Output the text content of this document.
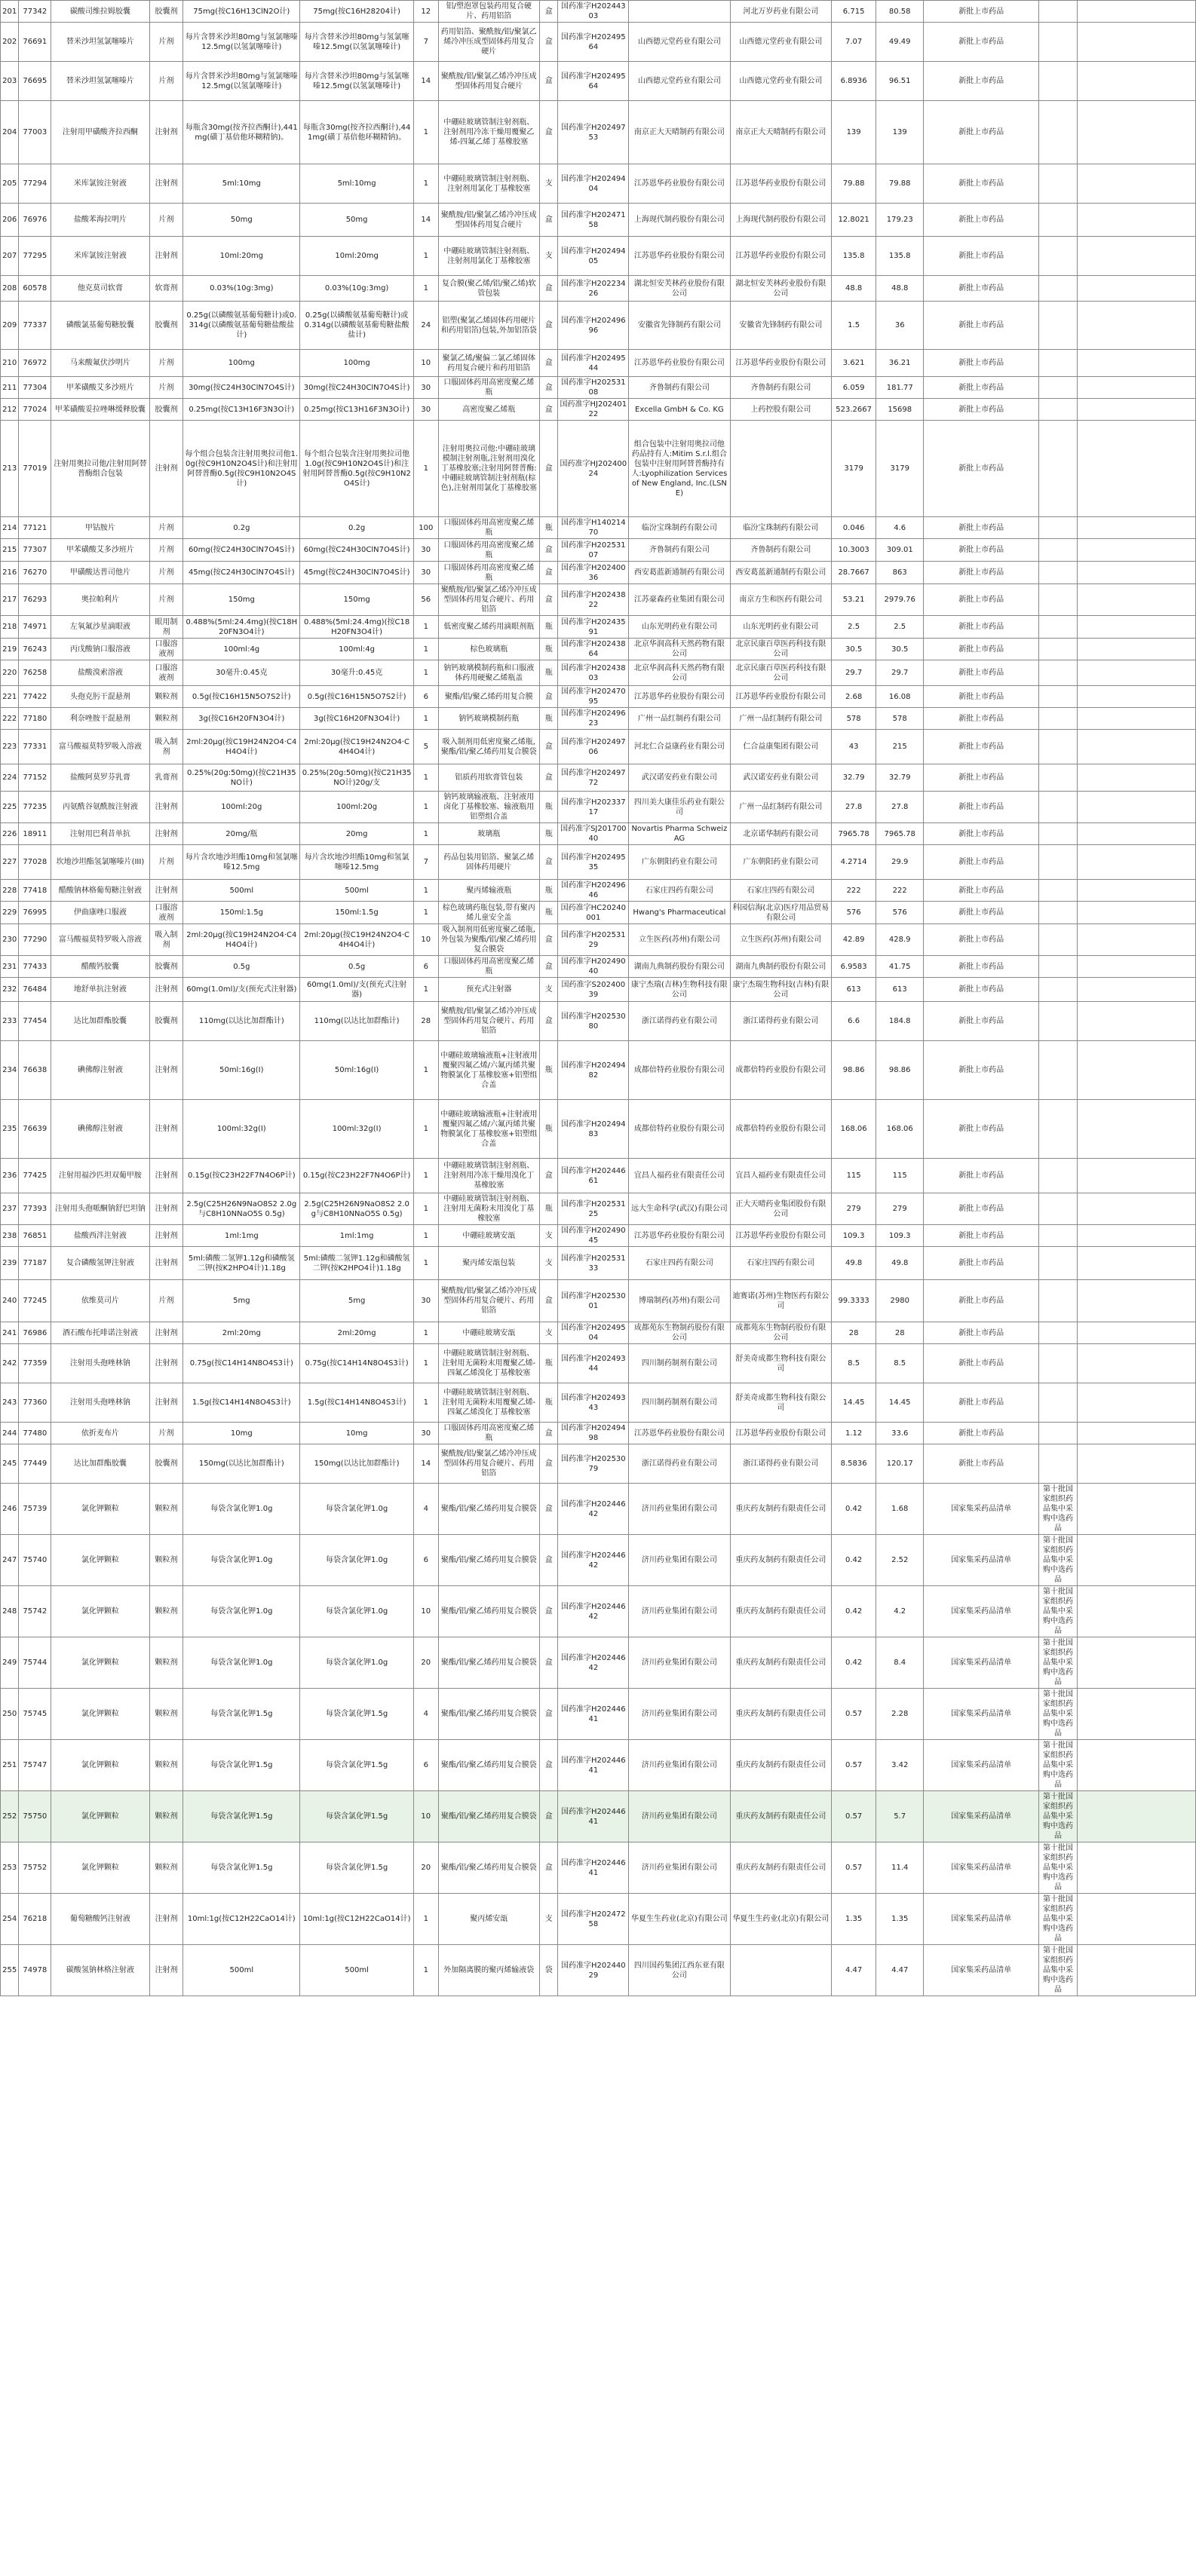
201	77342	碳酸司维拉姆胶囊	胶囊剂	75mg(按C16H13ClN2O计)	75mg(按C16H28204计)	12	铝/塑泡罩包装药用复合硬片、药用铝箔	盒	国药准字H20244303		河北万岁药业有限公司	6.715	80.58	新批上市药品		
202	76691	替米沙坦氢氯噻嗪片	片剂	每片含替米沙坦80mg与氢氯噻嗪12.5mg(以氢氯噻嗪计)	每片含替米沙坦80mg与氢氯噻嗪12.5mg(以氢氯噻嗪计)	7	药用铝箔、聚酰胺/铝/聚氯乙烯冷冲压成型固体药用复合硬片	盒	国药准字H20249564	山西德元堂药业有限公司	山西德元堂药业有限公司	7.07	49.49	新批上市药品		
203	76695	替米沙坦氢氯噻嗪片	片剂	每片含替米沙坦80mg与氢氯噻嗪12.5mg(以氢氯噻嗪计)	每片含替米沙坦80mg与氢氯噻嗪12.5mg(以氢氯噻嗪计)	14	聚酰胺/铝/聚氯乙烯冷冲压成型固体药用复合硬片	盒	国药准字H20249564	山西德元堂药业有限公司	山西德元堂药业有限公司	6.8936	96.51	新批上市药品		
204	77003	注射用甲磺酸齐拉西酮	注射剂	每瓶含30mg(按齐拉西酮计),441mg(磺丁基倍他环糊精钠)。	每瓶含30mg(按齐拉西酮计),441mg(磺丁基倍他环糊精钠)。	1	中硼硅玻璃管制注射剂瓶、注射剂用冷冻干燥用覆聚乙烯-四氟乙烯丁基橡胶塞	盒	国药准字H20249753	南京正大天晴制药有限公司	南京正大天晴制药有限公司	139	139	新批上市药品		
205	77294	米库氯铵注射液	注射剂	5ml:10mg	5ml:10mg	1	中硼硅玻璃管制注射剂瓶、注射剂用氯化丁基橡胶塞	支	国药准字H20249404	江苏恩华药业股份有限公司	江苏恩华药业股份有限公司	79.88	79.88	新批上市药品		
206	76976	盐酸苯海拉明片	片剂	50mg	50mg	14	聚酰胺/铝/聚氯乙烯冷冲压成型固体药用复合硬片	盒	国药准字H20247158	上海现代制药股份有限公司	上海现代制药股份有限公司	12.8021	179.23	新批上市药品		
207	77295	米库氯铵注射液	注射剂	10ml:20mg	10ml:20mg	1	中硼硅玻璃管制注射剂瓶、注射剂用氯化丁基橡胶塞	支	国药准字H20249405	江苏恩华药业股份有限公司	江苏恩华药业股份有限公司	135.8	135.8	新批上市药品		
208	60578	他克莫司软膏	软膏剂	0.03%(10g:3mg)	0.03%(10g:3mg)	1	复合膜(聚乙烯/铝/聚乙烯)软管包装	盒	国药准字H20223426	湖北恒安芙林药业股份有限公司	湖北恒安芙林药业股份有限公司	48.8	48.8	新批上市药品		
209	77337	磷酸氯基葡萄糖胶囊	胶囊剂	0.25g(以磷酸氨基葡萄糖计)或0.314g(以磷酸氨基葡萄糖盐酸盐计)	0.25g(以磷酸氨基葡萄糖计)或0.314g(以磷酸氨基葡萄糖盐酸盐计)	24	铝塑(聚氯乙烯固体药用硬片和药用铝箔)包装,外加铝箔袋	盒	国药准字H20249696	安徽省先锋制药有限公司	安徽省先锋制药有限公司	1.5	36	新批上市药品		
210	76972	马来酸氟伏沙明片	片剂	100mg	100mg	10	聚氯乙烯/聚偏二氯乙烯固体药用复合硬片和药用铝箔	盒	国药准字H20249544	江苏恩华药业股份有限公司	江苏恩华药业股份有限公司	3.621	36.21	新批上市药品		
211	77304	甲苯磺酸艾多沙班片	片剂	30mg(按C24H30ClN7O4S计)	30mg(按C24H30ClN7O4S计)	30	口服固体药用高密度聚乙烯瓶	盒	国药准字H20253108	齐鲁制药有限公司	齐鲁制药有限公司	6.059	181.77	新批上市药品		
212	77024	甲苯磺酸妥拉唑啉缓释胶囊	胶囊剂	0.25mg(按C13H16F3N3O计)	0.25mg(按C13H16F3N3O计)	30	高密度聚乙烯瓶	盒	国药准字HJ20240122	Excella GmbH & Co. KG	上药控股有限公司	523.2667	15698	新批上市药品		
213	77019	注射用奥拉司他/注射用阿替普酶组合包装	注射剂	每个组合包装含注射用奥拉司他1.0g(按C9H10N2O4S计)和注射用阿替普酶0.5g(按C9H10N2O4S计)	每个组合包装含注射用奥拉司他1.0g(按C9H10N2O4S计)和注射用阿替普酶0.5g(按C9H10N2O4S计)	1	注射用奥拉司他:中硼硅玻璃模制注射剂瓶,注射剂用溴化丁基橡胶塞;注射用阿替普酶:中硼硅玻璃管制注射剂瓶(棕色),注射剂用氯化丁基橡胶塞	盒	国药准字HJ20240024	组合包装中注射用奥拉司他药品持有人:Mitim S.r.l.组合包装中注射用阿替普酶持有人:Lyophilization Services of New England, Inc.(LSNE)		3179	3179	新批上市药品		
214	77121	甲钴胺片	片剂	0.2g	0.2g	100	口服固体药用高密度聚乙烯瓶	瓶	国药准字H14021470	临汾宝珠制药有限公司	临汾宝珠制药有限公司	0.046	4.6	新批上市药品		
215	77307	甲苯磺酸艾多沙班片	片剂	60mg(按C24H30ClN7O4S计)	60mg(按C24H30ClN7O4S计)	30	口服固体药用高密度聚乙烯瓶	盒	国药准字H20253107	齐鲁制药有限公司	齐鲁制药有限公司	10.3003	309.01	新批上市药品		
216	76270	甲磺酸达普司他片	片剂	45mg(按C24H30ClN7O4S计)	45mg(按C24H30ClN7O4S计)	30	口服固体药用高密度聚乙烯瓶	盒	国药准字H20240036	西安葛蓝新通制药有限公司	西安葛蓝新通制药有限公司	28.7667	863	新批上市药品		
217	76293	奥拉帕利片	片剂	150mg	150mg	56	聚酰胺/铝/聚氯乙烯冷冲压成型固体药用复合硬片、药用铝箔	盒	国药准字H20243822	江苏豪森药业集团有限公司	南京方生和医药有限公司	53.21	2979.76	新批上市药品		
218	74971	左氧氟沙星滴眼液	眼用制剂	0.488%(5ml:24.4mg)(按C18H20FN3O4计)	0.488%(5ml:24.4mg)(按C18H20FN3O4计)	1	低密度聚乙烯药用滴眼剂瓶	瓶	国药准字H20243591	山东光明药业有限公司	山东光明药业有限公司	2.5	2.5	新批上市药品		
219	76243	丙戊酸钠口服溶液	口服溶液剂	100ml:4g	100ml:4g	1	棕色玻璃瓶	瓶	国药准字H20243864	北京华润高科天然药物有限公司	北京民康百草医药科技有限公司	30.5	30.5	新批上市药品		
220	76258	盐酸溴索溶液	口服溶液剂	30毫升:0.45克	30毫升:0.45克	1	钠钙玻璃模制药瓶和口服液体药用硬聚乙烯瓶盖	瓶	国药准字H20243803	北京华润高科天然药物有限公司	北京民康百草医药科技有限公司	29.7	29.7	新批上市药品		
221	77422	头孢克肟干混悬剂	颗粒剂	0.5g(按C16H15N5O7S2计)	0.5g(按C16H15N5O7S2计)	6	聚酯/铝/聚乙烯药用复合膜	盒	国药准字H20247095	江苏恩华药业股份有限公司	江苏恩华药业股份有限公司	2.68	16.08	新批上市药品		
222	77180	利奈唑胺干混悬剂	颗粒剂	3g(按C16H20FN3O4计)	3g(按C16H20FN3O4计)	1	钠钙玻璃模制药瓶	瓶	国药准字H20249623	广州一品红制药有限公司	广州一品红制药有限公司	578	578	新批上市药品		
223	77331	富马酸福莫特罗吸入溶液	吸入制剂	2ml:20μg(按C19H24N2O4·C4H4O4计)	2ml:20μg(按C19H24N2O4·C4H4O4计)	5	吸入制剂用低密度聚乙烯瓶,聚酯/铝/聚乙烯药用复合膜袋	盒	国药准字H20249706	河北仁合益康药业有限公司	仁合益康集团有限公司	43	215	新批上市药品		
224	77152	盐酸阿莫罗芬乳膏	乳膏剂	0.25%(20g:50mg)(按C21H35NO计)	0.25%(20g:50mg)(按C21H35NO计)20g/支	1	铝质药用软膏管包装	盒	国药准字H20249772	武汉诺安药业有限公司	武汉诺安药业有限公司	32.79	32.79	新批上市药品		
225	77235	丙氨酰谷氨酰胺注射液	注射剂	100ml:20g	100ml:20g	1	钠钙玻璃输液瓶、注射液用卤化丁基橡胶塞、输液瓶用铝塑组合盖	瓶	国药准字H20233717	四川美大康佳乐药业有限公司	广州一品红制药有限公司	27.8	27.8	新批上市药品		
226	18911	注射用巴利昔单抗	注射剂	20mg/瓶	20mg	1	玻璃瓶	瓶	国药准字SJ20170040	Novartis Pharma Schweiz AG	北京诺华制药有限公司	7965.78	7965.78	新批上市药品		
227	77028	坎地沙坦酯氢氯噻嗪片(III)	片剂	每片含坎地沙坦酯10mg和氢氯噻嗪12.5mg	每片含坎地沙坦酯10mg和氢氯噻嗪12.5mg	7	药品包装用铝箔、聚氯乙烯固体药用硬片	盒	国药准字H20249535	广东朝阳药业有限公司	广东朝阳药业有限公司	4.2714	29.9	新批上市药品		
228	77418	醋酸钠林格葡萄糖注射液	注射剂	500ml	500ml	1	聚丙烯输液瓶	瓶	国药准字H20249646	石家庄四药有限公司	石家庄四药有限公司	222	222	新批上市药品		
229	76995	伊曲康唑口服液	口服溶液剂	150ml:1.5g	150ml:1.5g	1	棕色玻璃药瓶包装,带有聚丙烯儿童安全盖	瓶	国药准字HC20240001	Hwang's Pharmaceutical	科园信海(北京)医疗用品贸易有限公司	576	576	新批上市药品		
230	77290	富马酸福莫特罗吸入溶液	吸入制剂	2ml:20μg(按C19H24N2O4·C4H4O4计)	2ml:20μg(按C19H24N2O4·C4H4O4计)	10	吸入制剂用低密度聚乙烯瓶,外包装为聚酯/铝/聚乙烯药用复合膜袋	盒	国药准字H20253129	立生医药(苏州)有限公司	立生医药(苏州)有限公司	42.89	428.9	新批上市药品		
231	77433	醋酸钙胶囊	胶囊剂	0.5g	0.5g	6	口服固体药用高密度聚乙烯瓶	盒	国药准字H20249040	湖南九典制药股份有限公司	湖南九典制药股份有限公司	6.9583	41.75	新批上市药品		
232	76484	地舒单抗注射液	注射剂	60mg(1.0ml)/支(预充式注射器)	60mg(1.0ml)/支(预充式注射器)	1	预充式注射器	支	国药准字S20240039	康宁杰瑞(吉林)生物科技有限公司	康宁杰瑞生物科技(吉林)有限公司	613	613	新批上市药品		
233	77454	达比加群酯胶囊	胶囊剂	110mg(以达比加群酯计)	110mg(以达比加群酯计)	28	聚酰胺/铝/聚氯乙烯冷冲压成型固体药用复合硬片、药用铝箔	盒	国药准字H20253080	浙江诺得药业有限公司	浙江诺得药业有限公司	6.6	184.8	新批上市药品		
234	76638	碘佛醇注射液	注射剂	50ml:16g(I)	50ml:16g(I)	1	中硼硅玻璃输液瓶+注射液用覆聚四氟乙烯/六氟丙烯共聚物膜氯化丁基橡胶塞+铝塑组合盖	瓶	国药准字H20249482	成都倍特药业股份有限公司	成都倍特药业股份有限公司	98.86	98.86	新批上市药品		
235	76639	碘佛醇注射液	注射剂	100ml:32g(I)	100ml:32g(I)	1	中硼硅玻璃输液瓶+注射液用覆聚四氟乙烯/六氟丙烯共聚物膜氯化丁基橡胶塞+铝塑组合盖	瓶	国药准字H20249483	成都倍特药业股份有限公司	成都倍特药业股份有限公司	168.06	168.06	新批上市药品		
236	77425	注射用福沙匹坦双葡甲胺	注射剂	0.15g(按C23H22F7N4O6P计)	0.15g(按C23H22F7N4O6P计)	1	中硼硅玻璃管制注射剂瓶、注射剂用冷冻干燥用溴化丁基橡胶塞	盒	国药准字H20244661	宜昌人福药业有限责任公司	宜昌人福药业有限责任公司	115	115	新批上市药品		
237	77393	注射用头孢哌酮钠舒巴坦钠	注射剂	2.5g(C25H26N9NaO8S2 2.0g与C8H10NNaO5S 0.5g)	2.5g(C25H26N9NaO8S2 2.0g与C8H10NNaO5S 0.5g)	1	中硼硅玻璃管制注射剂瓶、注射用无菌粉末用溴化丁基橡胶塞	瓶	国药准字H20253125	远大生命科学(武汉)有限公司	正大天晴药业集团股份有限公司	279	279	新批上市药品		
238	76851	盐酸西泮注射液	注射剂	1ml:1mg	1ml:1mg	1	中硼硅玻璃安瓿	支	国药准字H20249045	江苏恩华药业股份有限公司	江苏恩华药业股份有限公司	109.3	109.3	新批上市药品		
239	77187	复合磷酸氢钾注射液	注射剂	5ml:磷酸二氢钾1.12g和磷酸氢二钾(按K2HPO4计)1.18g	5ml:磷酸二氢钾1.12g和磷酸氢二钾(按K2HPO4计)1.18g	1	聚丙烯安瓿包装	支	国药准字H20253133	石家庄四药有限公司	石家庄四药有限公司	49.8	49.8	新批上市药品		
240	77245	依维莫司片	片剂	5mg	5mg	30	聚酰胺/铝/聚氯乙烯冷冲压成型固体药用复合硬片、药用铝箔	盒	国药准字H20253001	博瑞制药(苏州)有限公司	迪赛诺(苏州)生物医药有限公司	99.3333	2980	新批上市药品		
241	76986	酒石酸布托啡诺注射液	注射剂	2ml:20mg	2ml:20mg	1	中硼硅玻璃安瓿	支	国药准字H20249504	成都苑东生物制药股份有限公司	成都苑东生物制药股份有限公司	28	28	新批上市药品		
242	77359	注射用头孢唑林钠	注射剂	0.75g(按C14H14N8O4S3计)	0.75g(按C14H14N8O4S3计)	1	中硼硅玻璃管制注射剂瓶、注射用无菌粉末用覆聚乙烯-四氟乙烯溴化丁基橡胶塞	瓶	国药准字H20249344	四川制药制剂有限公司	舒美奇成都生物科技有限公司	8.5	8.5	新批上市药品		
243	77360	注射用头孢唑林钠	注射剂	1.5g(按C14H14N8O4S3计)	1.5g(按C14H14N8O4S3计)	1	中硼硅玻璃管制注射剂瓶、注射用无菌粉末用覆聚乙烯-四氟乙烯溴化丁基橡胶塞	瓶	国药准字H20249343	四川制药制剂有限公司	舒美奇成都生物科技有限公司	14.45	14.45	新批上市药品		
244	77480	依折麦布片	片剂	10mg	10mg	30	口服固体药用高密度聚乙烯瓶	盒	国药准字H20249498	江苏恩华药业股份有限公司	江苏恩华药业股份有限公司	1.12	33.6	新批上市药品		
245	77449	达比加群酯胶囊	胶囊剂	150mg(以达比加群酯计)	150mg(以达比加群酯计)	14	聚酰胺/铝/聚氯乙烯冷冲压成型固体药用复合硬片、药用铝箔	盒	国药准字H20253079	浙江诺得药业有限公司	浙江诺得药业有限公司	8.5836	120.17	新批上市药品		
246	75739	氯化钾颗粒	颗粒剂	每袋含氯化钾1.0g	每袋含氯化钾1.0g	4	聚酯/铝/聚乙烯药用复合膜袋	盒	国药准字H20244642	济川药业集团有限公司	重庆药友制药有限责任公司	0.42	1.68	国家集采药品清单	第十批国家组织药品集中采购中选药品	
247	75740	氯化钾颗粒	颗粒剂	每袋含氯化钾1.0g	每袋含氯化钾1.0g	6	聚酯/铝/聚乙烯药用复合膜袋	盒	国药准字H20244642	济川药业集团有限公司	重庆药友制药有限责任公司	0.42	2.52	国家集采药品清单	第十批国家组织药品集中采购中选药品	
248	75742	氯化钾颗粒	颗粒剂	每袋含氯化钾1.0g	每袋含氯化钾1.0g	10	聚酯/铝/聚乙烯药用复合膜袋	盒	国药准字H20244642	济川药业集团有限公司	重庆药友制药有限责任公司	0.42	4.2	国家集采药品清单	第十批国家组织药品集中采购中选药品	
249	75744	氯化钾颗粒	颗粒剂	每袋含氯化钾1.0g	每袋含氯化钾1.0g	20	聚酯/铝/聚乙烯药用复合膜袋	盒	国药准字H20244642	济川药业集团有限公司	重庆药友制药有限责任公司	0.42	8.4	国家集采药品清单	第十批国家组织药品集中采购中选药品	
250	75745	氯化钾颗粒	颗粒剂	每袋含氯化钾1.5g	每袋含氯化钾1.5g	4	聚酯/铝/聚乙烯药用复合膜袋	盒	国药准字H20244641	济川药业集团有限公司	重庆药友制药有限责任公司	0.57	2.28	国家集采药品清单	第十批国家组织药品集中采购中选药品	
251	75747	氯化钾颗粒	颗粒剂	每袋含氯化钾1.5g	每袋含氯化钾1.5g	6	聚酯/铝/聚乙烯药用复合膜袋	盒	国药准字H20244641	济川药业集团有限公司	重庆药友制药有限责任公司	0.57	3.42	国家集采药品清单	第十批国家组织药品集中采购中选药品	
252	75750	氯化钾颗粒	颗粒剂	每袋含氯化钾1.5g	每袋含氯化钾1.5g	10	聚酯/铝/聚乙烯药用复合膜袋	盒	国药准字H20244641	济川药业集团有限公司	重庆药友制药有限责任公司	0.57	5.7	国家集采药品清单	第十批国家组织药品集中采购中选药品	
253	75752	氯化钾颗粒	颗粒剂	每袋含氯化钾1.5g	每袋含氯化钾1.5g	20	聚酯/铝/聚乙烯药用复合膜袋	盒	国药准字H20244641	济川药业集团有限公司	重庆药友制药有限责任公司	0.57	11.4	国家集采药品清单	第十批国家组织药品集中采购中选药品	
254	76218	葡萄糖酸钙注射液	注射剂	10ml:1g(按C12H22CaO14计)	10ml:1g(按C12H22CaO14计)	1	聚丙烯安瓿	支	国药准字H20247258	华夏生生药业(北京)有限公司	华夏生生药业(北京)有限公司	1.35	1.35	国家集采药品清单	第十批国家组织药品集中采购中选药品	
255	74978	碳酸氢钠林格注射液	注射剂	500ml	500ml	1	外加隔离膜的聚丙烯输液袋	袋	国药准字H20244029	四川国药集团江西东亚有限公司		4.47	4.47	国家集采药品清单	第十批国家组织药品集中采购中选药品	
